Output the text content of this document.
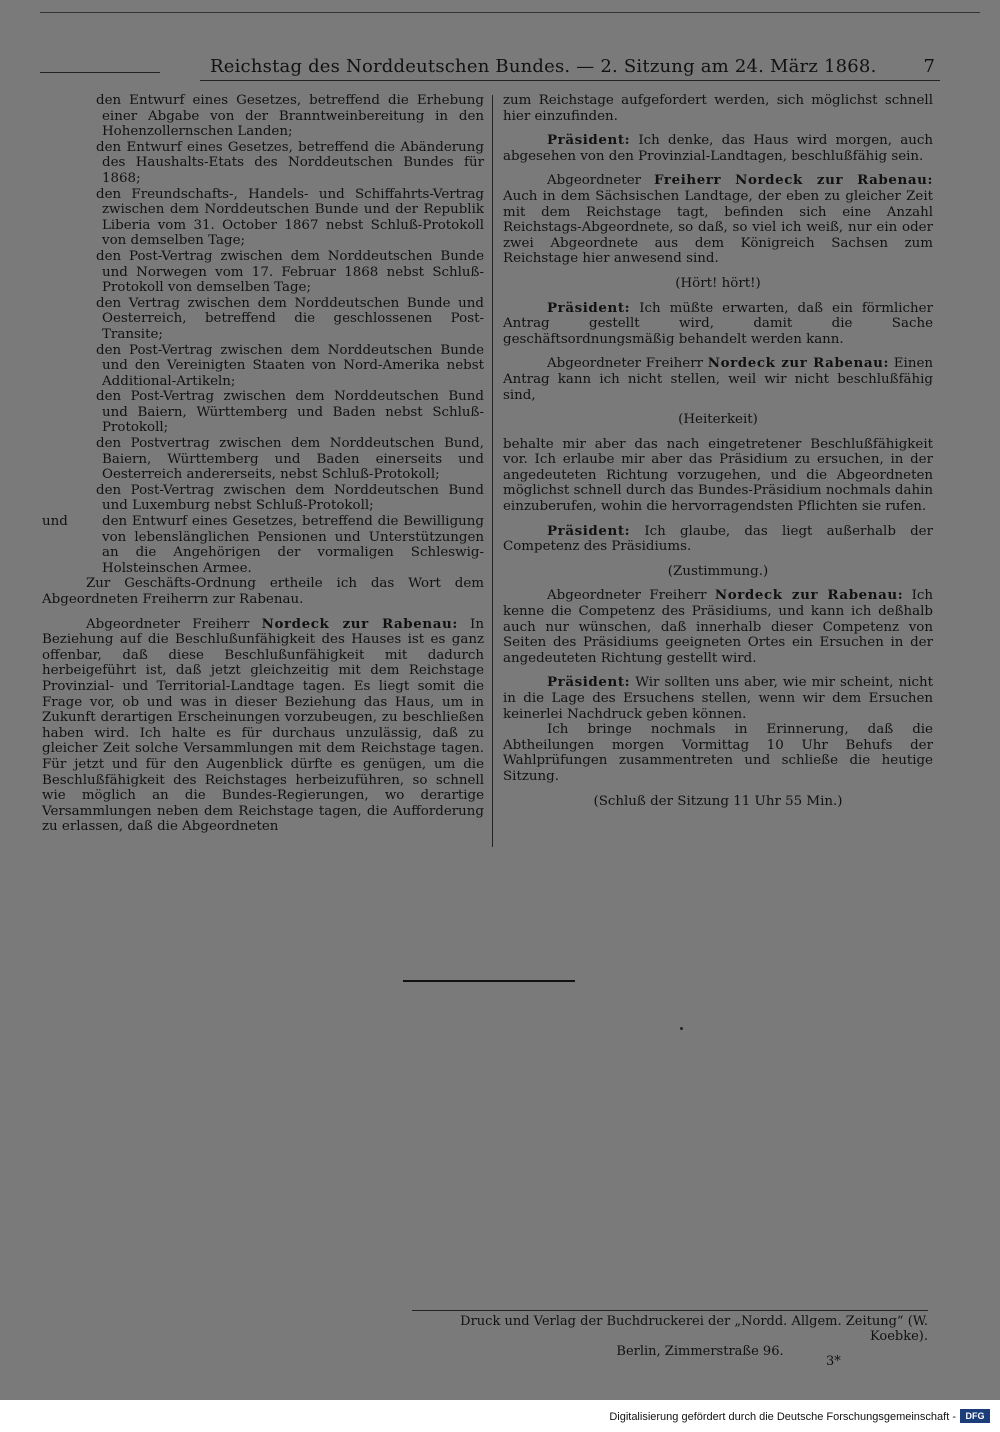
Reichstag des Norddeutschen Bundes. — 2. Sitzung am 24. März 1868.	7

den Entwurf eines Gesetzes, betreffend die Erhebung einer Abgabe von der Branntweinbereitung in den Hohenzollernschen Landen;

den Entwurf eines Gesetzes, betreffend die Abänderung des Haushalts-Etats des Norddeutschen Bundes für 1868;

den Freundschafts-, Handels- und Schiffahrts-Vertrag zwischen dem Norddeutschen Bunde und der Republik Liberia vom 31. October 1867 nebst Schluß-Protokoll von demselben Tage;

den Post-Vertrag zwischen dem Norddeutschen Bunde und Norwegen vom 17. Februar 1868 nebst Schluß-Protokoll von demselben Tage;

den Vertrag zwischen dem Norddeutschen Bunde und Oesterreich, betreffend die geschlossenen Post-Transite;

den Post-Vertrag zwischen dem Norddeutschen Bunde und den Vereinigten Staaten von Nord-Amerika nebst Additional-Artikeln;

den Post-Vertrag zwischen dem Norddeutschen Bund und Baiern, Württemberg und Baden nebst Schluß-Protokoll;

den Postvertrag zwischen dem Norddeutschen Bund, Baiern, Württemberg und Baden einerseits und Oesterreich andererseits, nebst Schluß-Protokoll;

den Post-Vertrag zwischen dem Norddeutschen Bund und Luxemburg nebst Schluß-Protokoll;

und	den Entwurf eines Gesetzes, betreffend die Bewilligung von lebenslänglichen Pensionen und Unterstützungen an die Angehörigen der vormaligen Schleswig-Holsteinschen Armee.

Zur Geschäfts-Ordnung ertheile ich das Wort dem Abgeordneten Freiherrn zur Rabenau.

Abgeordneter Freiherr Nordeck zur Rabenau: In Beziehung auf die Beschlußunfähigkeit des Hauses ist es ganz offenbar, daß diese Beschlußunfähigkeit mit dadurch herbeigeführt ist, daß jetzt gleichzeitig mit dem Reichstage Provinzial- und Territorial-Landtage tagen. Es liegt somit die Frage vor, ob und was in dieser Beziehung das Haus, um in Zukunft derartigen Erscheinungen vorzubeugen, zu beschließen haben wird. Ich halte es für durchaus unzulässig, daß zu gleicher Zeit solche Versammlungen mit dem Reichstage tagen. Für jetzt und für den Augenblick dürfte es genügen, um die Beschlußfähigkeit des Reichstages herbeizuführen, so schnell wie möglich an die Bundes-Regierungen, wo derartige Versammlungen neben dem Reichstage tagen, die Aufforderung zu erlassen, daß die Abgeordneten

zum Reichstage aufgefordert werden, sich möglichst schnell hier einzufinden.

Präsident: Ich denke, das Haus wird morgen, auch abgesehen von den Provinzial-Landtagen, beschlußfähig sein.

Abgeordneter Freiherr Nordeck zur Rabenau: Auch in dem Sächsischen Landtage, der eben zu gleicher Zeit mit dem Reichstage tagt, befinden sich eine Anzahl Reichstags-Abgeordnete, so daß, so viel ich weiß, nur ein oder zwei Abgeordnete aus dem Königreich Sachsen zum Reichstage hier anwesend sind.

(Hört! hört!)

Präsident: Ich müßte erwarten, daß ein förmlicher Antrag gestellt wird, damit die Sache geschäftsordnungsmäßig behandelt werden kann.

Abgeordneter Freiherr Nordeck zur Rabenau: Einen Antrag kann ich nicht stellen, weil wir nicht beschlußfähig sind,

(Heiterkeit)

behalte mir aber das nach eingetretener Beschlußfähigkeit vor. Ich erlaube mir aber das Präsidium zu ersuchen, in der angedeuteten Richtung vorzugehen, und die Abgeordneten möglichst schnell durch das Bundes-Präsidium nochmals dahin einzuberufen, wohin die hervorragendsten Pflichten sie rufen.

Präsident: Ich glaube, das liegt außerhalb der Competenz des Präsidiums.

(Zustimmung.)

Abgeordneter Freiherr Nordeck zur Rabenau: Ich kenne die Competenz des Präsidiums, und kann ich deßhalb auch nur wünschen, daß innerhalb dieser Competenz von Seiten des Präsidiums geeigneten Ortes ein Ersuchen in der angedeuteten Richtung gestellt wird.

Präsident: Wir sollten uns aber, wie mir scheint, nicht in die Lage des Ersuchens stellen, wenn wir dem Ersuchen keinerlei Nachdruck geben können.

Ich bringe nochmals in Erinnerung, daß die Abtheilungen morgen Vormittag 10 Uhr Behufs der Wahlprüfungen zusammentreten und schließe die heutige Sitzung.

(Schluß der Sitzung 11 Uhr 55 Min.)

Druck und Verlag der Buchdruckerei der „Nordd. Allgem. Zeitung“ (W. Koebke).
Berlin, Zimmerstraße 96.
3*
Digitalisierung gefördert durch die Deutsche Forschungsgemeinschaft -	DFG
